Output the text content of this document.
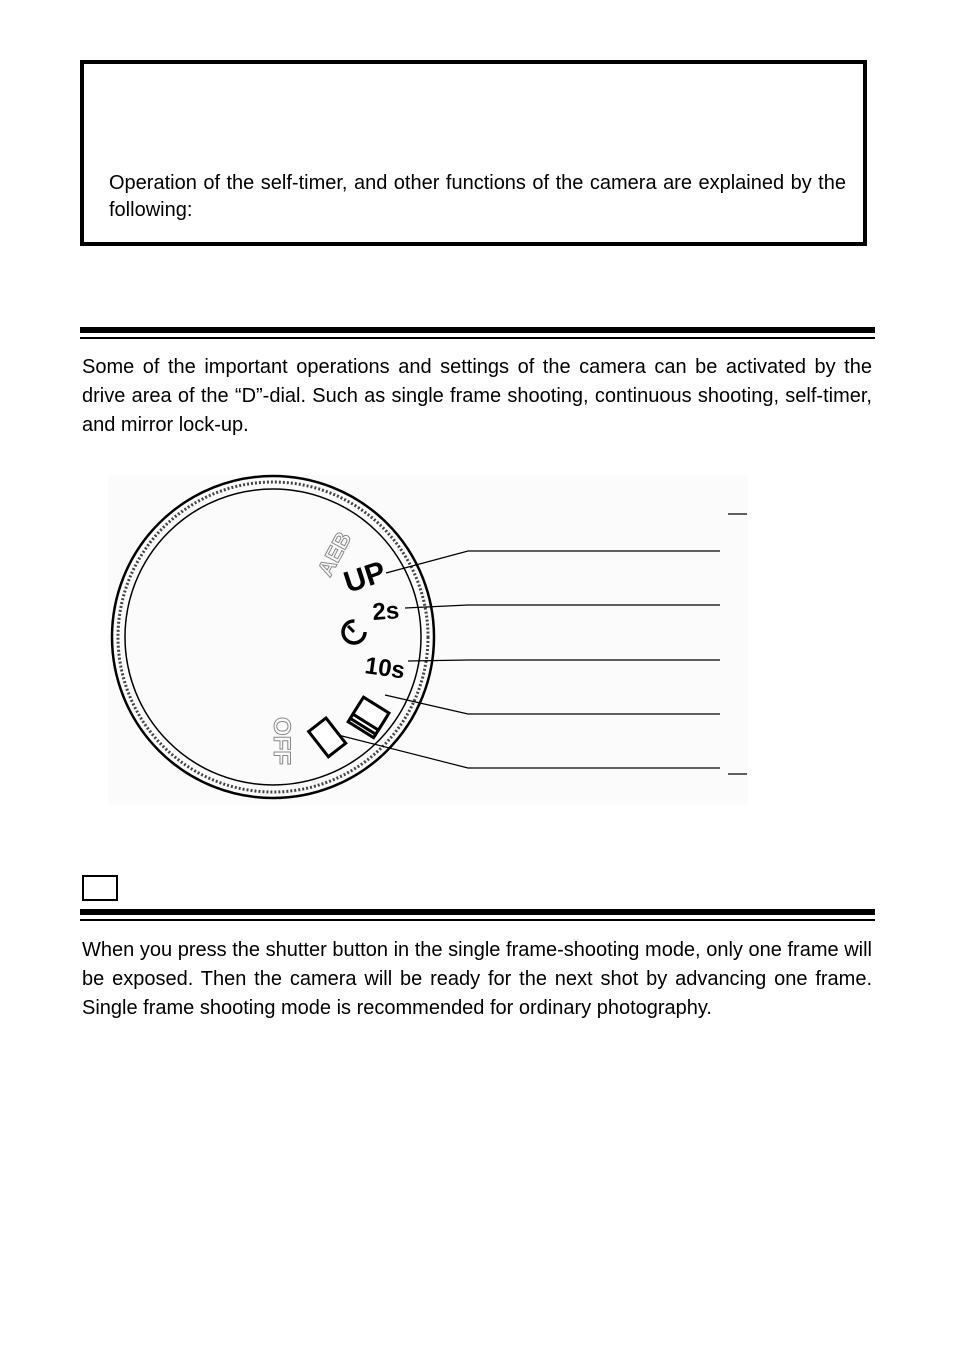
Operation of the self-timer, and other functions of the camera are explained by the following:

Some of the important operations and settings of the camera can be activated by the drive area of the “D”-dial. Such as single frame shooting, continuous shooting, self-timer, and mirror lock-up.

AEB
UP
2s
10s
OFF

When you press the shutter button in the single frame-shooting mode, only one frame will be exposed. Then the camera will be ready for the next shot by advancing one frame. Single frame shooting mode is recommended for ordinary photography.
